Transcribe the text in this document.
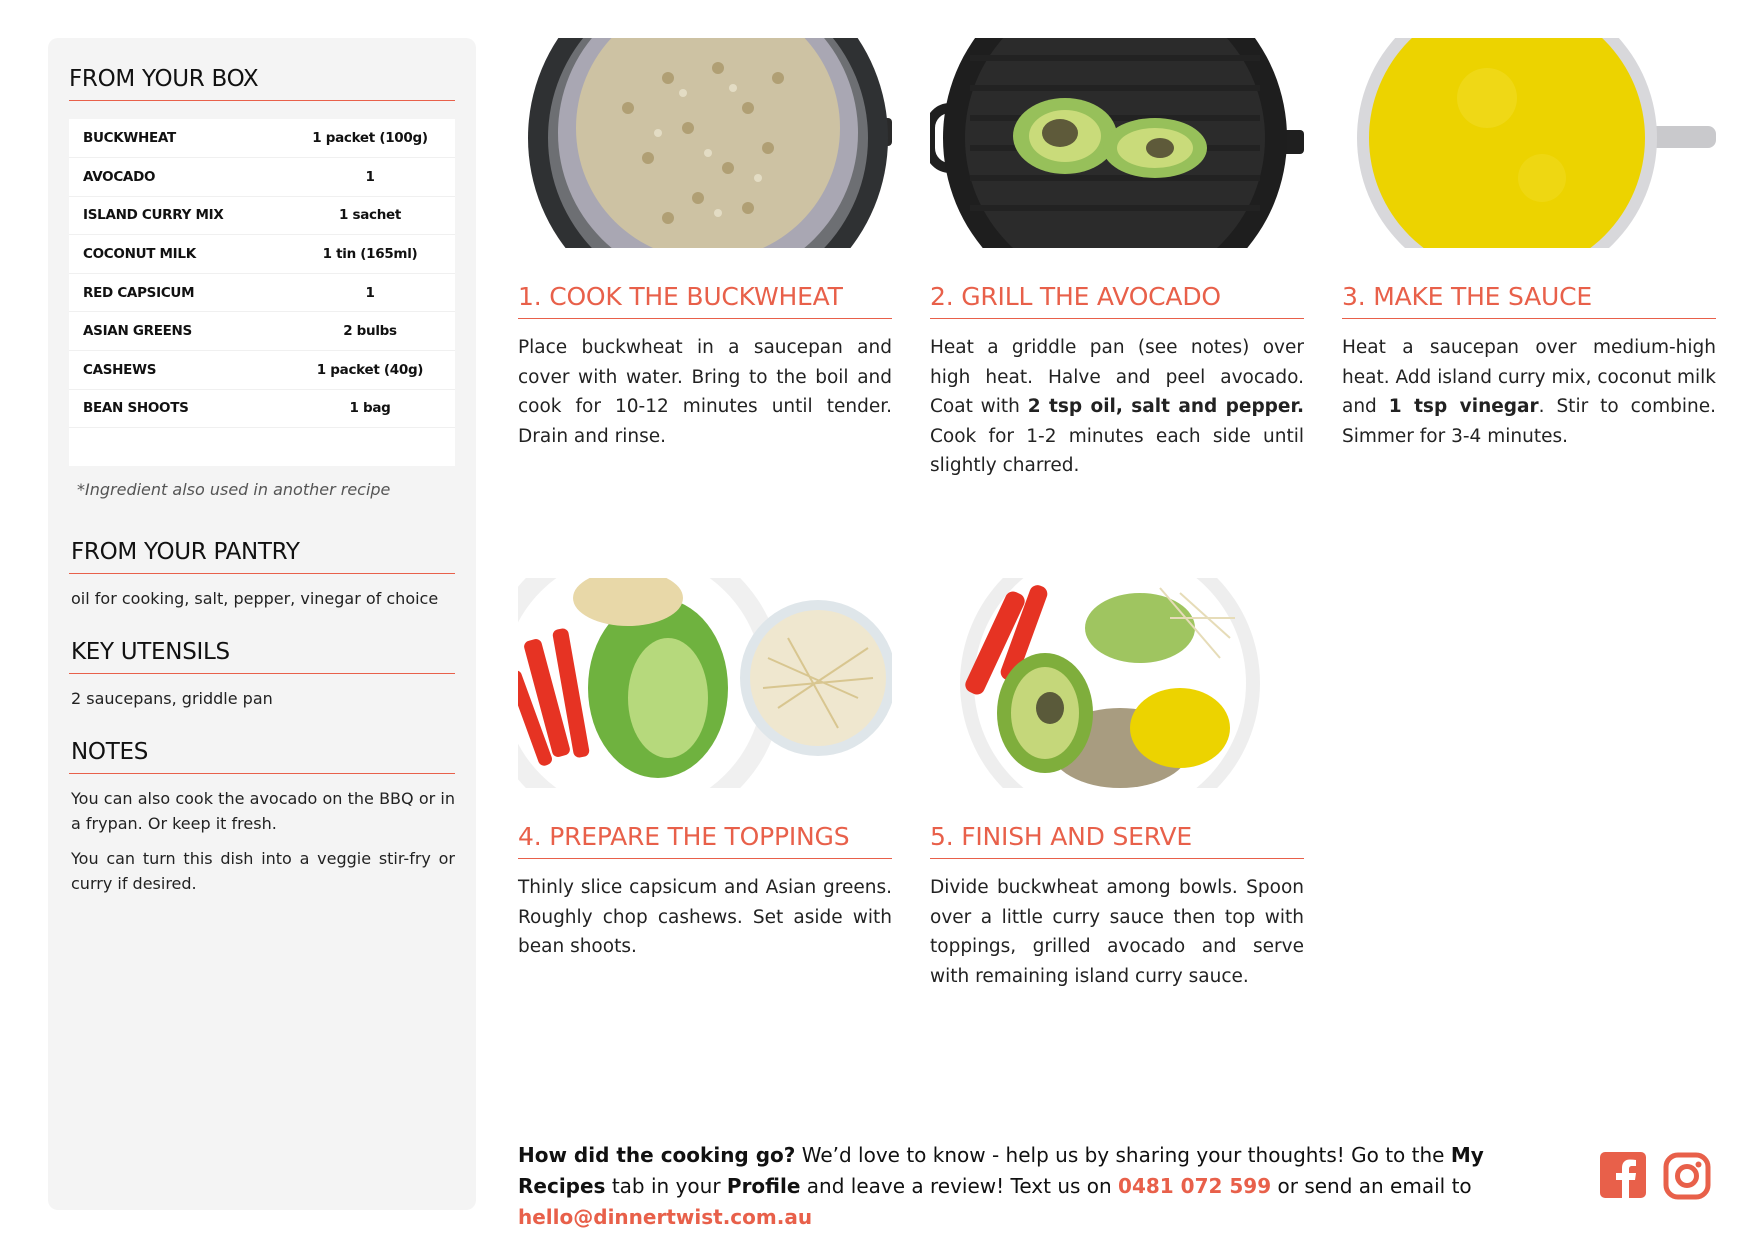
FROM YOUR BOX
BUCKWHEAT	1 packet (100g)
AVOCADO	1
ISLAND CURRY MIX	1 sachet
COCONUT MILK	1 tin (165ml)
RED CAPSICUM	1
ASIAN GREENS	2 bulbs
CASHEWS	1 packet (40g)
BEAN SHOOTS	1 bag

*Ingredient also used in another recipe
FROM YOUR PANTRY
oil for cooking, salt, pepper, vinegar of choice
KEY UTENSILS
2 saucepans, griddle pan
NOTES
You can also cook the avocado on the BBQ or in a frypan. Or keep it fresh.
You can turn this dish into a veggie stir-fry or curry if desired.
1. COOK THE BUCKWHEAT
Place buckwheat in a saucepan and cover with water. Bring to the boil and cook for 10-12 minutes until tender. Drain and rinse.
2. GRILL THE AVOCADO
Heat a griddle pan (see notes) over high heat. Halve and peel avocado. Coat with 2 tsp oil, salt and pepper. Cook for 1-2 minutes each side until slightly charred.
3. MAKE THE SAUCE
Heat a saucepan over medium-high heat. Add island curry mix, coconut milk and 1 tsp vinegar. Stir to combine. Simmer for 3-4 minutes.
4. PREPARE THE TOPPINGS
Thinly slice capsicum and Asian greens. Roughly chop cashews. Set aside with bean shoots.
5. FINISH AND SERVE
Divide buckwheat among bowls. Spoon over a little curry sauce then top with toppings, grilled avocado and serve with remaining island curry sauce.
How did the cooking go? We’d love to know - help us by sharing your thoughts! Go to the My Recipes tab in your Profile and leave a review! Text us on 0481 072 599 or send an email to hello@dinnertwist.com.au
